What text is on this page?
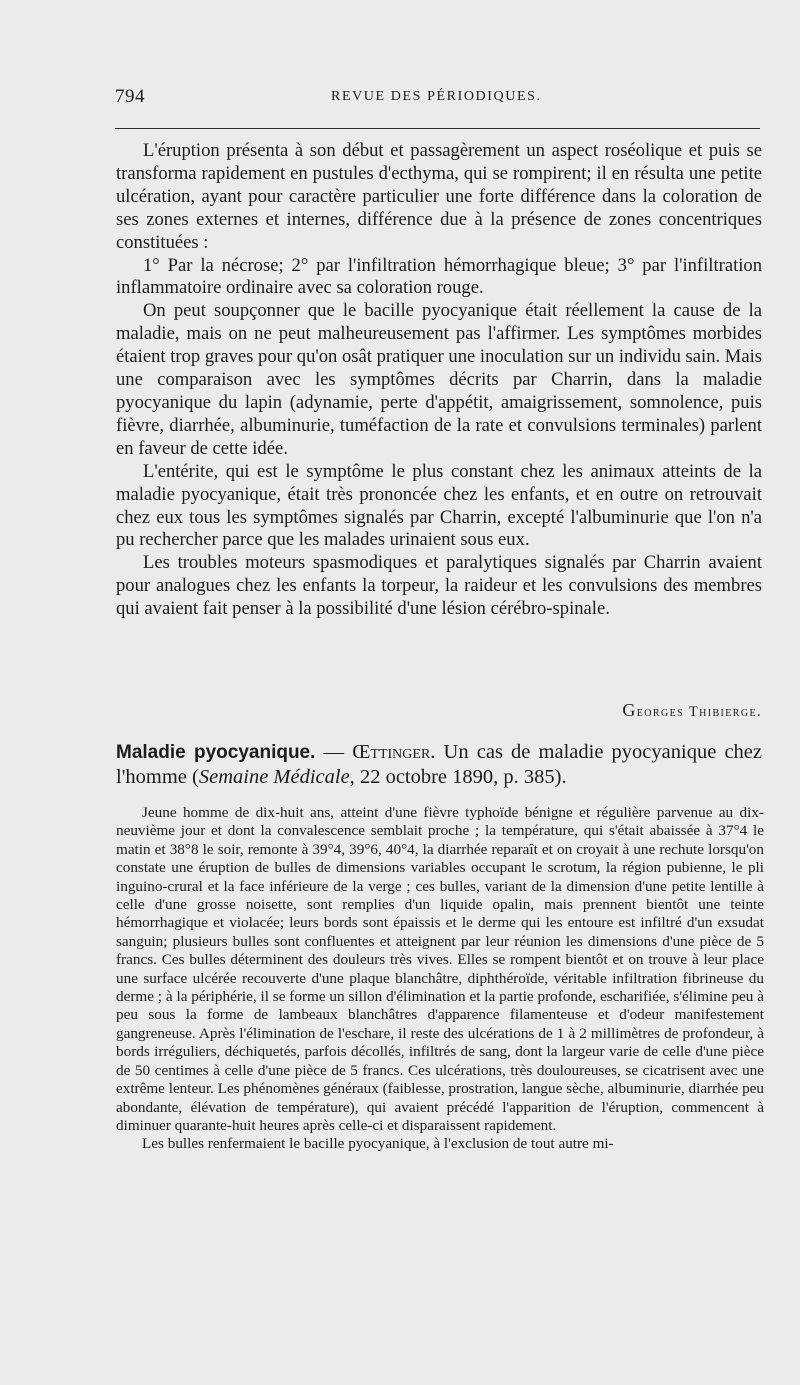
794	REVUE DES PÉRIODIQUES.

L'éruption présenta à son début et passagèrement un aspect roséolique et puis se transforma rapidement en pustules d'ecthyma, qui se rompirent; il en résulta une petite ulcération, ayant pour caractère particulier une forte différence dans la coloration de ses zones externes et internes, différence due à la présence de zones concentriques constituées :

1° Par la nécrose; 2° par l'infiltration hémorrhagique bleue; 3° par l'infiltration inflammatoire ordinaire avec sa coloration rouge.

On peut soupçonner que le bacille pyocyanique était réellement la cause de la maladie, mais on ne peut malheureusement pas l'affirmer. Les symptômes morbides étaient trop graves pour qu'on osât pratiquer une inoculation sur un individu sain. Mais une comparaison avec les symptômes décrits par Charrin, dans la maladie pyocyanique du lapin (adynamie, perte d'appétit, amaigrissement, somnolence, puis fièvre, diarrhée, albuminurie, tuméfaction de la rate et convulsions terminales) parlent en faveur de cette idée.

L'entérite, qui est le symptôme le plus constant chez les animaux atteints de la maladie pyocyanique, était très prononcée chez les enfants, et en outre on retrouvait chez eux tous les symptômes signalés par Charrin, excepté l'albuminurie que l'on n'a pu rechercher parce que les malades urinaient sous eux.

Les troubles moteurs spasmodiques et paralytiques signalés par Charrin avaient pour analogues chez les enfants la torpeur, la raideur et les convulsions des membres qui avaient fait penser à la possibilité d'une lésion cérébro-spinale.

Georges Thibierge.
Maladie pyocyanique. — Œttinger. Un cas de maladie pyocyanique chez l'homme (Semaine Médicale, 22 octobre 1890, p. 385).

Jeune homme de dix-huit ans, atteint d'une fièvre typhoïde bénigne et régulière parvenue au dix-neuvième jour et dont la convalescence semblait proche ; la température, qui s'était abaissée à 37°4 le matin et 38°8 le soir, remonte à 39°4, 39°6, 40°4, la diarrhée reparaît et on croyait à une rechute lorsqu'on constate une éruption de bulles de dimensions variables occupant le scrotum, la région pubienne, le pli inguino-crural et la face inférieure de la verge ; ces bulles, variant de la dimension d'une petite lentille à celle d'une grosse noisette, sont remplies d'un liquide opalin, mais prennent bientôt une teinte hémorrhagique et violacée; leurs bords sont épaissis et le derme qui les entoure est infiltré d'un exsudat sanguin; plusieurs bulles sont confluentes et atteignent par leur réunion les dimensions d'une pièce de 5 francs. Ces bulles déterminent des douleurs très vives. Elles se rompent bientôt et on trouve à leur place une surface ulcérée recouverte d'une plaque blanchâtre, diphthéroïde, véritable infiltration fibrineuse du derme ; à la périphérie, il se forme un sillon d'élimination et la partie profonde, escharifiée, s'élimine peu à peu sous la forme de lambeaux blanchâtres d'apparence filamenteuse et d'odeur manifestement gangreneuse. Après l'élimination de l'eschare, il reste des ulcérations de 1 à 2 millimètres de profondeur, à bords irréguliers, déchiquetés, parfois décollés, infiltrés de sang, dont la largeur varie de celle d'une pièce de 50 centimes à celle d'une pièce de 5 francs. Ces ulcérations, très douloureuses, se cicatrisent avec une extrême lenteur. Les phénomènes généraux (faiblesse, prostration, langue sèche, albuminurie, diarrhée peu abondante, élévation de température), qui avaient précédé l'apparition de l'éruption, commencent à diminuer quarante-huit heures après celle-ci et disparaissent rapidement.

Les bulles renfermaient le bacille pyocyanique, à l'exclusion de tout autre mi-
